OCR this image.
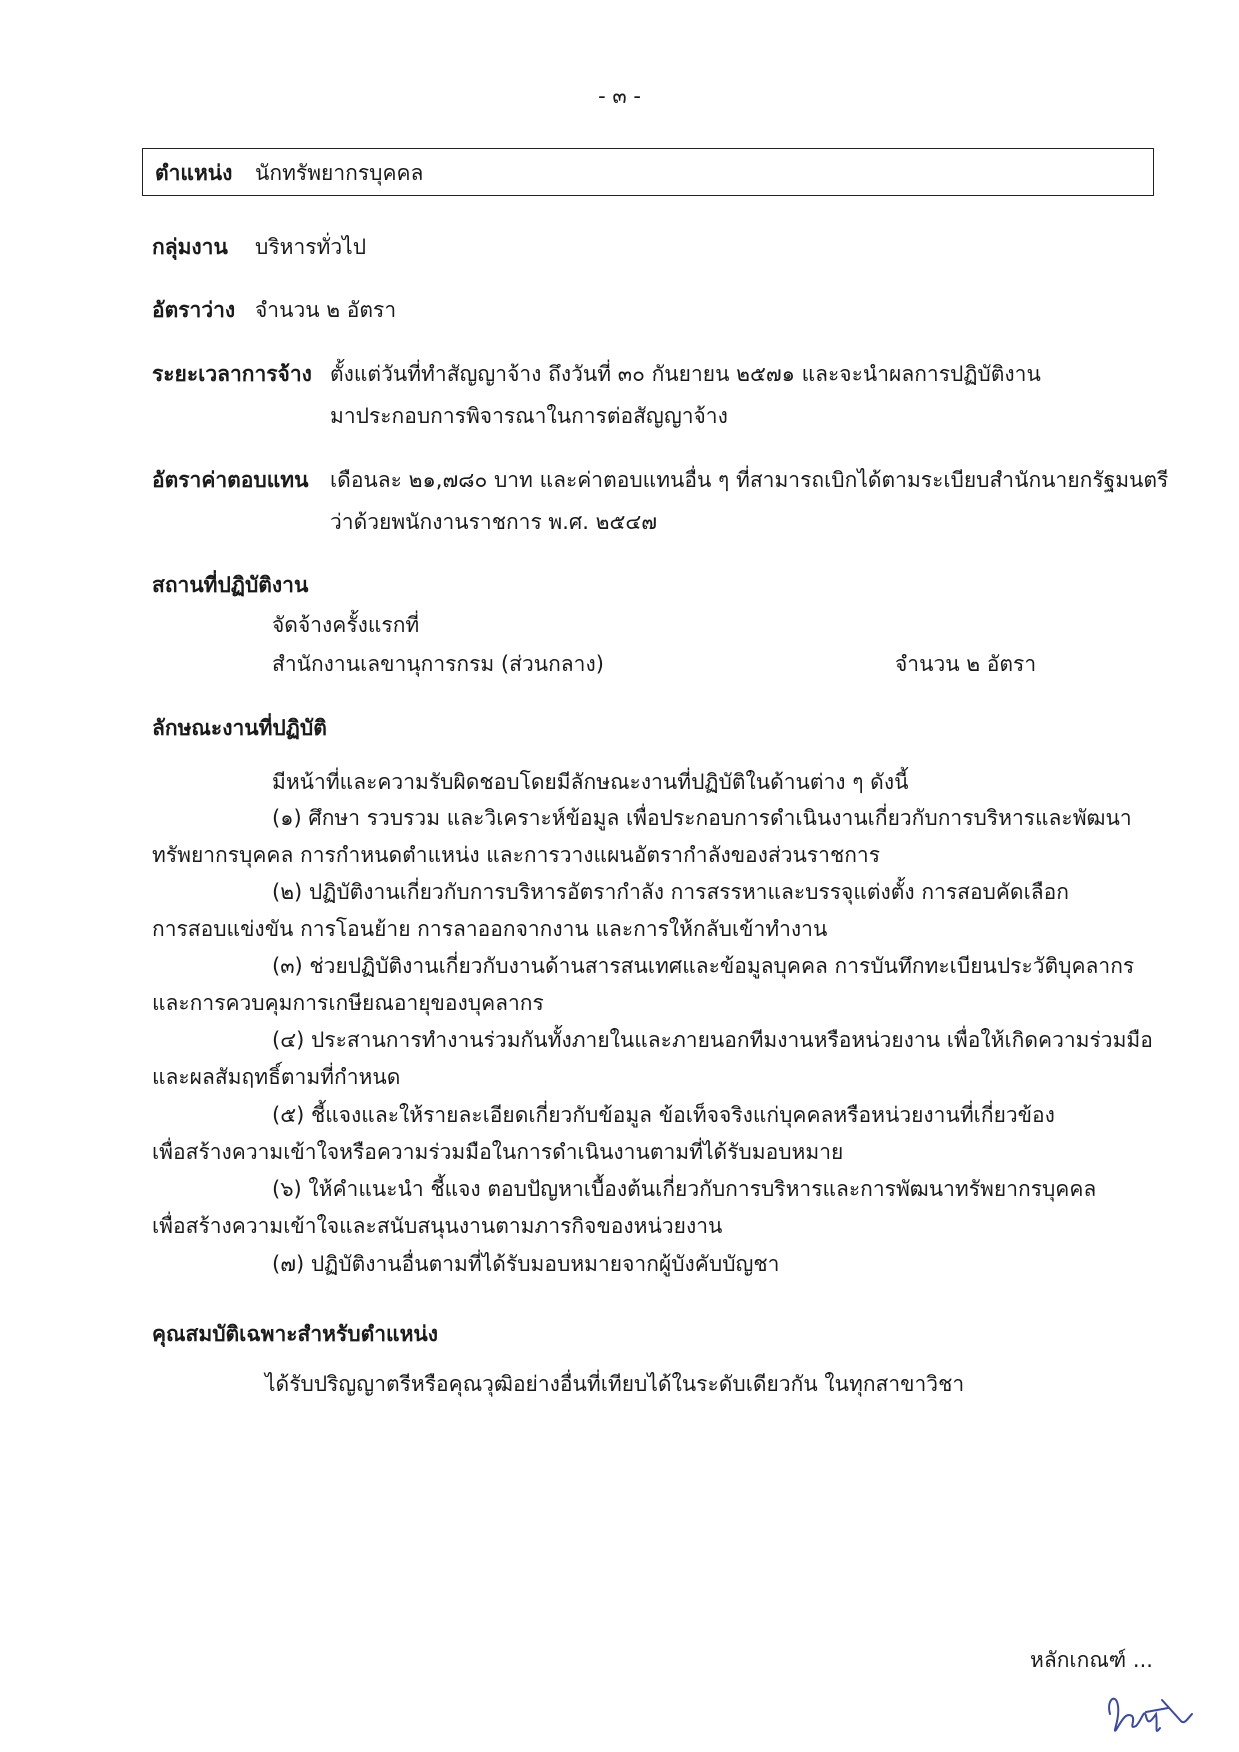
- ๓ -
ตำแหน่ง นักทรัพยากรบุคคล
กลุ่มงาน บริหารทั่วไป
อัตราว่าง จำนวน ๒ อัตรา
ระยะเวลาการจ้าง ตั้งแต่วันที่ทำสัญญาจ้าง ถึงวันที่ ๓๐ กันยายน ๒๕๗๑ และจะนำผลการปฏิบัติงาน
มาประกอบการพิจารณาในการต่อสัญญาจ้าง
อัตราค่าตอบแทน เดือนละ ๒๑,๗๘๐ บาท และค่าตอบแทนอื่น ๆ ที่สามารถเบิกได้ตามระเบียบสำนักนายกรัฐมนตรี
ว่าด้วยพนักงานราชการ พ.ศ. ๒๕๔๗
สถานที่ปฏิบัติงาน
จัดจ้างครั้งแรกที่
สำนักงานเลขานุการกรม (ส่วนกลาง)	จำนวน ๒ อัตรา
ลักษณะงานที่ปฏิบัติ
มีหน้าที่และความรับผิดชอบโดยมีลักษณะงานที่ปฏิบัติในด้านต่าง ๆ ดังนี้
(๑) ศึกษา รวบรวม และวิเคราะห์ข้อมูล เพื่อประกอบการดำเนินงานเกี่ยวกับการบริหารและพัฒนา
ทรัพยากรบุคคล การกำหนดตำแหน่ง และการวางแผนอัตรากำลังของส่วนราชการ
(๒) ปฏิบัติงานเกี่ยวกับการบริหารอัตรากำลัง การสรรหาและบรรจุแต่งตั้ง การสอบคัดเลือก
การสอบแข่งขัน การโอนย้าย การลาออกจากงาน และการให้กลับเข้าทำงาน
(๓) ช่วยปฏิบัติงานเกี่ยวกับงานด้านสารสนเทศและข้อมูลบุคคล การบันทึกทะเบียนประวัติบุคลากร
และการควบคุมการเกษียณอายุของบุคลากร
(๔) ประสานการทำงานร่วมกันทั้งภายในและภายนอกทีมงานหรือหน่วยงาน เพื่อให้เกิดความร่วมมือ
และผลสัมฤทธิ์ตามที่กำหนด
(๕) ชี้แจงและให้รายละเอียดเกี่ยวกับข้อมูล ข้อเท็จจริงแก่บุคคลหรือหน่วยงานที่เกี่ยวข้อง
เพื่อสร้างความเข้าใจหรือความร่วมมือในการดำเนินงานตามที่ได้รับมอบหมาย
(๖) ให้คำแนะนำ ชี้แจง ตอบปัญหาเบื้องต้นเกี่ยวกับการบริหารและการพัฒนาทรัพยากรบุคคล
เพื่อสร้างความเข้าใจและสนับสนุนงานตามภารกิจของหน่วยงาน
(๗) ปฏิบัติงานอื่นตามที่ได้รับมอบหมายจากผู้บังคับบัญชา
คุณสมบัติเฉพาะสำหรับตำแหน่ง
ได้รับปริญญาตรีหรือคุณวุฒิอย่างอื่นที่เทียบได้ในระดับเดียวกัน ในทุกสาขาวิชา
หลักเกณฑ์ ...
